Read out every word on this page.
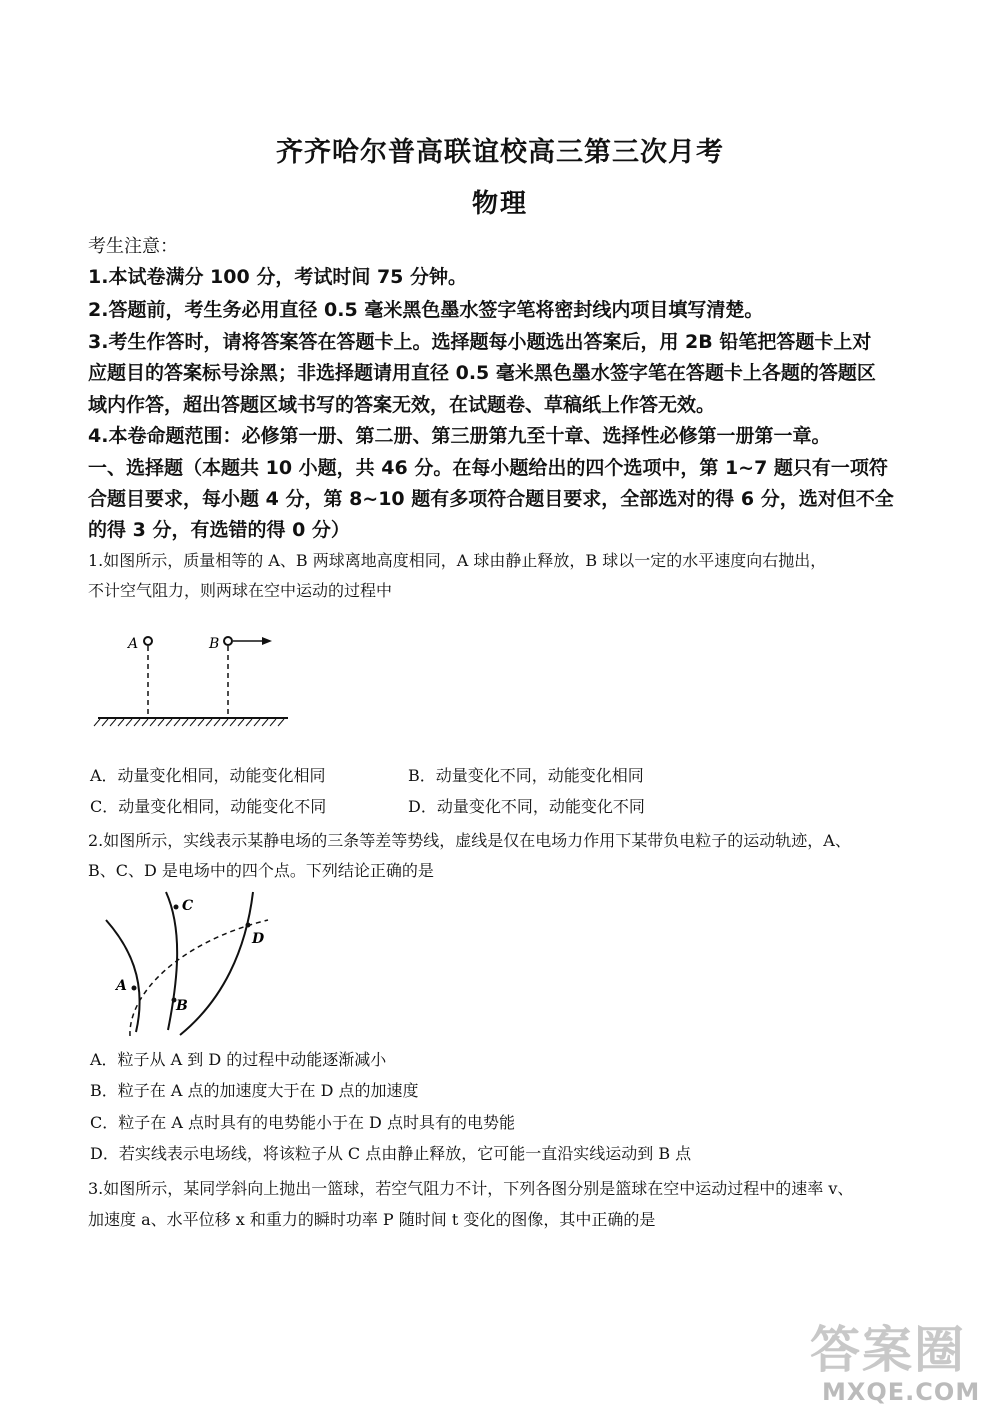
齐齐哈尔普高联谊校高三第三次月考
物理
考生注意：
1.本试卷满分 100 分，考试时间 75 分钟。
2.答题前，考生务必用直径 0.5 毫米黑色墨水签字笔将密封线内项目填写清楚。
3.考生作答时，请将答案答在答题卡上。选择题每小题选出答案后，用 2B 铅笔把答题卡上对
应题目的答案标号涂黑；非选择题请用直径 0.5 毫米黑色墨水签字笔在答题卡上各题的答题区
域内作答，超出答题区域书写的答案无效，在试题卷、草稿纸上作答无效。
4.本卷命题范围：必修第一册、第二册、第三册第九至十章、选择性必修第一册第一章。
一、选择题（本题共 10 小题，共 46 分。在每小题给出的四个选项中，第 1~7 题只有一项符
合题目要求，每小题 4 分，第 8~10 题有多项符合题目要求，全部选对的得 6 分，选对但不全
的得 3 分，有选错的得 0 分）
1.如图所示，质量相等的 A、B 两球离地高度相同，A 球由静止释放，B 球以一定的水平速度向右抛出，
不计空气阻力，则两球在空中运动的过程中
A	B
A．动量变化相同，动能变化相同	B．动量变化不同，动能变化相同
C．动量变化相同，动能变化不同	D．动量变化不同，动能变化不同
2.如图所示，实线表示某静电场的三条等差等势线，虚线是仅在电场力作用下某带负电粒子的运动轨迹，A、
B、C、D 是电场中的四个点。下列结论正确的是
A
B
C
D
A．粒子从 A 到 D 的过程中动能逐渐减小
B．粒子在 A 点的加速度大于在 D 点的加速度
C．粒子在 A 点时具有的电势能小于在 D 点时具有的电势能
D．若实线表示电场线，将该粒子从 C 点由静止释放，它可能一直沿实线运动到 B 点
3.如图所示，某同学斜向上抛出一篮球，若空气阻力不计，下列各图分别是篮球在空中运动过程中的速率 v、
加速度 a、水平位移 x 和重力的瞬时功率 P 随时间 t 变化的图像，其中正确的是
答案圈
MXQE.COM
